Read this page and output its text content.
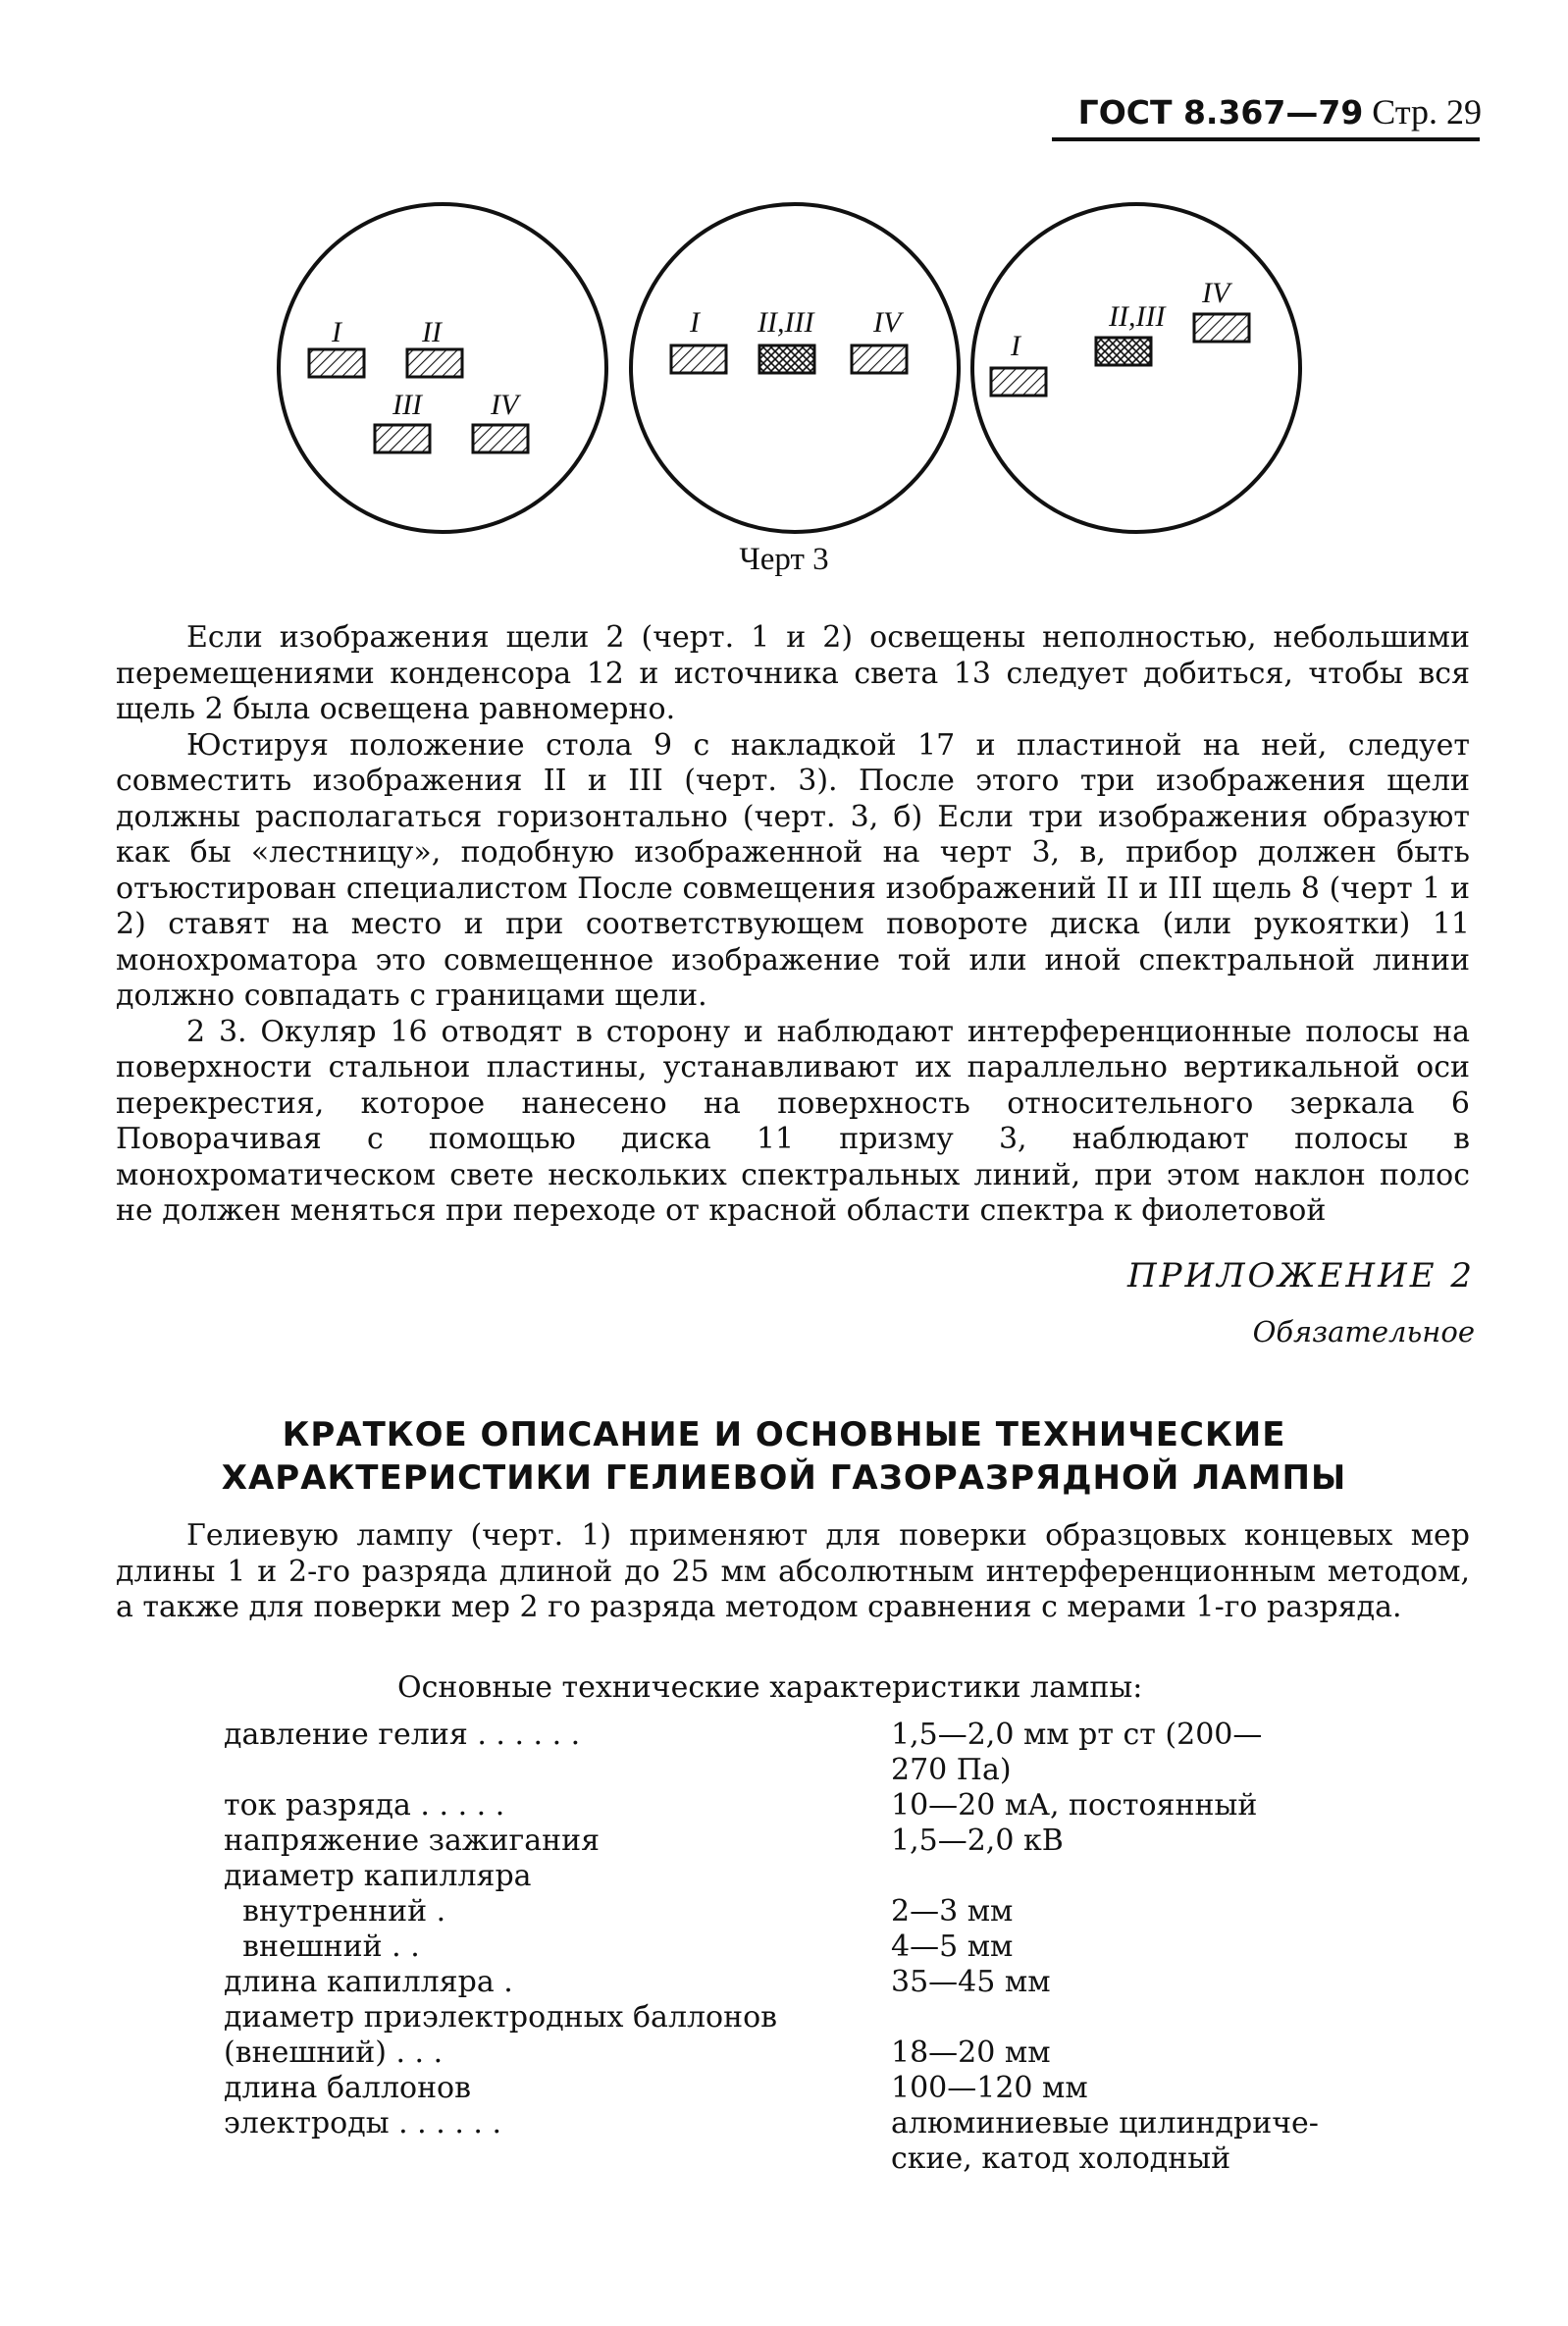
ГОСТ 8.367—79 Стр. 29
I	II
III IV
I II,III IV
I
II,III
IV
Черт 3

Если изображения щели 2 (черт. 1 и 2) освещены неполностью, небольшими перемещениями конденсора 12 и источника света 13 следует добиться, чтобы вся щель 2 была освещена равномерно.

Юстируя положение стола 9 с накладкой 17 и пластиной на ней, следует совместить изображения II и III (черт. 3). После этого три изображения щели должны располагаться горизонтально (черт. 3, б) Если три изображения образуют как бы «лестницу», подобную изображенной на черт 3, в, прибор должен быть отъюстирован специалистом После совмещения изображений II и III щель 8 (черт 1 и 2) ставят на место и при соответствующем повороте диска (или рукоятки) 11 монохроматора это совмещенное изображение той или иной спектральной линии должно совпадать с границами щели.

2 3. Окуляр 16 отводят в сторону и наблюдают интерференционные полосы на поверхности стальнои пластины, устанавливают их параллельно вертикальной оси перекрестия, которое нанесено на поверхность относительного зеркала 6 Поворачивая с помощью диска 11 призму 3, наблюдают полосы в монохроматическом свете нескольких спектральных линий, при этом наклон полос не должен меняться при переходе от красной области спектра к фиолетовой

ПРИЛОЖЕНИЕ 2
Обязательное
КРАТКОЕ ОПИСАНИЕ И ОСНОВНЫЕ ТЕХНИЧЕСКИЕ
ХАРАКТЕРИСТИКИ ГЕЛИЕВОЙ ГАЗОРАЗРЯДНОЙ ЛАМПЫ

Гелиевую лампу (черт. 1) применяют для поверки образцовых концевых мер длины 1 и 2-го разряда длиной до 25 мм абсолютным интерференционным методом, а также для поверки мер 2 го разряда методом сравнения с мерами 1-го разряда.

Основные технические характеристики лампы:
давление гелия . . . . . .	1,5—2,0 мм рт ст (200—
270 Па)
ток разряда . . . . .	10—20 мА, постоянный
напряжение зажигания	1,5—2,0 кВ
диаметр капилляра
внутренний .	2—3 мм
внешний . .	4—5 мм
длина капилляра .	35—45 мм
диаметр приэлектродных баллонов
(внешний) . . .	18—20 мм
длина баллонов	100—120 мм
электроды . . . . . .	алюминиевые цилиндриче-
ские, катод холодный
